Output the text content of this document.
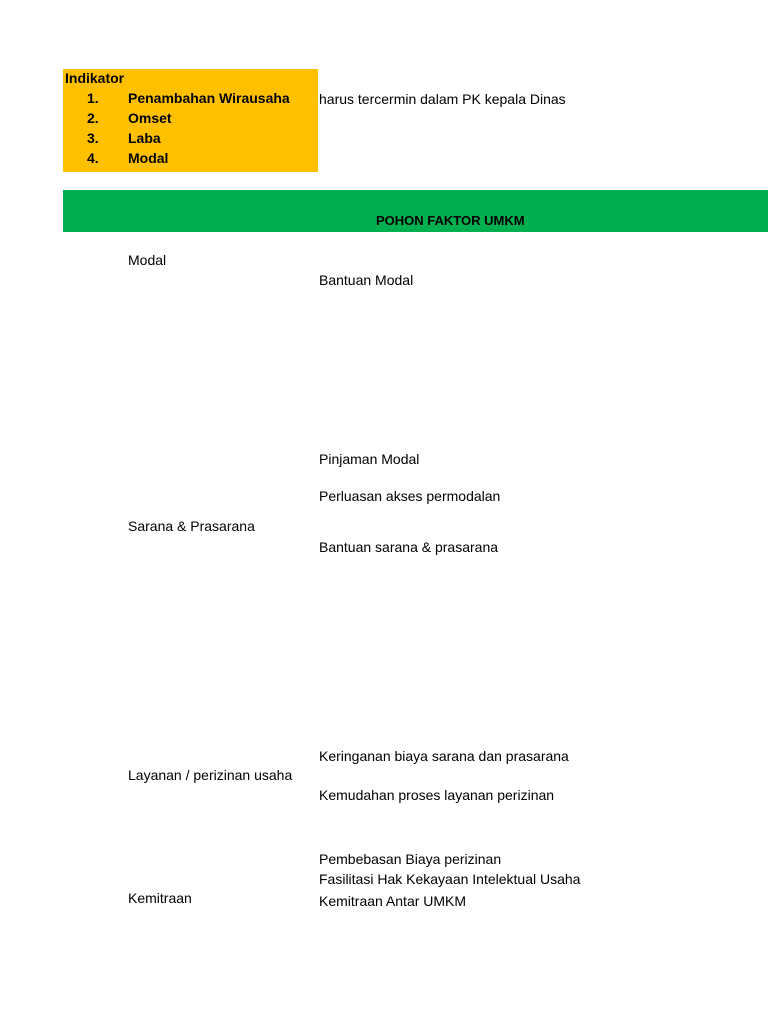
Indikator
1.	Penambahan Wirausaha
2.	Omset
3.	Laba
4.	Modal
harus tercermin dalam PK kepala Dinas
POHON FAKTOR UMKM
Modal
Sarana & Prasarana
Layanan / perizinan usaha
Kemitraan
Bantuan Modal
Pinjaman Modal
Perluasan akses permodalan
Bantuan sarana & prasarana
Keringanan biaya sarana dan prasarana
Kemudahan proses layanan perizinan
Pembebasan Biaya perizinan
Fasilitasi Hak Kekayaan Intelektual Usaha
Kemitraan Antar UMKM
